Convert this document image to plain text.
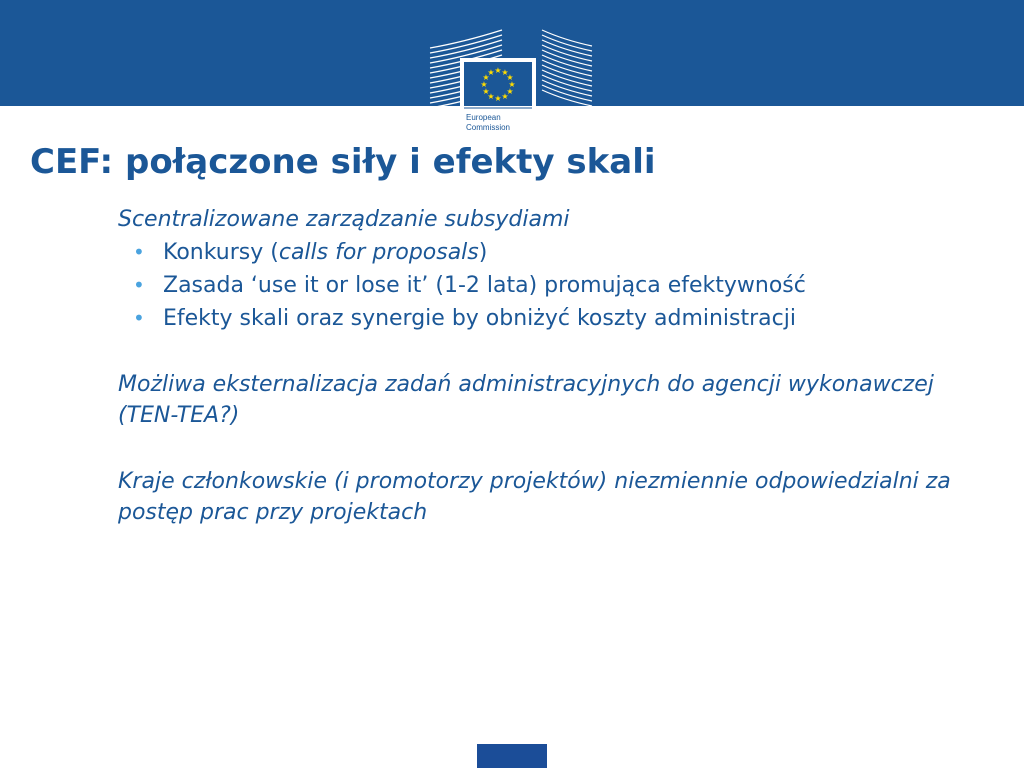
★ ★
★
★
★
★
★
★
★
★
★
★
European
Commission
CEF: połączone siły i efekty skali

Scentralizowane zarządzanie subsydiami

• Konkursy (calls for proposals)
• Zasada ‘use it or lose it’ (1-2 lata) promująca efektywność
• Efekty skali oraz synergie by obniżyć koszty administracji

Możliwa eksternalizacja zadań administracyjnych do agencji wykonawczej (TEN-TEA?)

Kraje członkowskie (i promotorzy projektów) niezmiennie odpowiedzialni za postęp prac przy projektach
